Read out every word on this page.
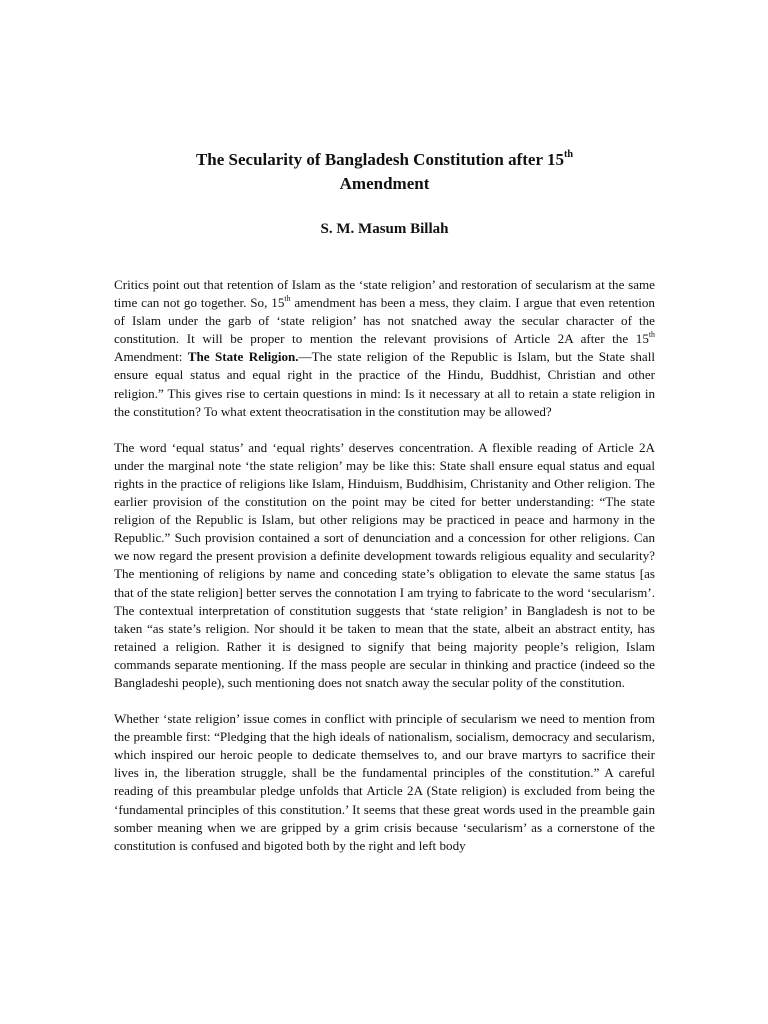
The Secularity of Bangladesh Constitution after 15th
Amendment
S. M. Masum Billah

Critics point out that retention of Islam as the ‘state religion’ and restoration of secularism at the same time can not go together. So, 15th amendment has been a mess, they claim. I argue that even retention of Islam under the garb of ‘state religion’ has not snatched away the secular character of the constitution. It will be proper to mention the relevant provisions of Article 2A after the 15th Amendment: The State Religion.—The state religion of the Republic is Islam, but the State shall ensure equal status and equal right in the practice of the Hindu, Buddhist, Christian and other religion.” This gives rise to certain questions in mind: Is it necessary at all to retain a state religion in the constitution? To what extent theocratisation in the constitution may be allowed?

The word ‘equal status’ and ‘equal rights’ deserves concentration. A flexible reading of Article 2A under the marginal note ‘the state religion’ may be like this: State shall ensure equal status and equal rights in the practice of religions like Islam, Hinduism, Buddhisim, Christanity and Other religion. The earlier provision of the constitution on the point may be cited for better understanding: “The state religion of the Republic is Islam, but other religions may be practiced in peace and harmony in the Republic.” Such provision contained a sort of denunciation and a concession for other religions. Can we now regard the present provision a definite development towards religious equality and secularity? The mentioning of religions by name and conceding state’s obligation to elevate the same status [as that of the state religion] better serves the connotation I am trying to fabricate to the word ‘secularism’. The contextual interpretation of constitution suggests that ‘state religion’ in Bangladesh is not to be taken “as state’s religion. Nor should it be taken to mean that the state, albeit an abstract entity, has retained a religion. Rather it is designed to signify that being majority people’s religion, Islam commands separate mentioning. If the mass people are secular in thinking and practice (indeed so the Bangladeshi people), such mentioning does not snatch away the secular polity of the constitution.

Whether ‘state religion’ issue comes in conflict with principle of secularism we need to mention from the preamble first: “Pledging that the high ideals of nationalism, socialism, democracy and secularism, which inspired our heroic people to dedicate themselves to, and our brave martyrs to sacrifice their lives in, the liberation struggle, shall be the fundamental principles of the constitution.” A careful reading of this preambular pledge unfolds that Article 2A (State religion) is excluded from being the ‘fundamental principles of this constitution.’ It seems that these great words used in the preamble gain somber meaning when we are gripped by a grim crisis because ‘secularism’ as a cornerstone of the constitution is confused and bigoted both by the right and left body
